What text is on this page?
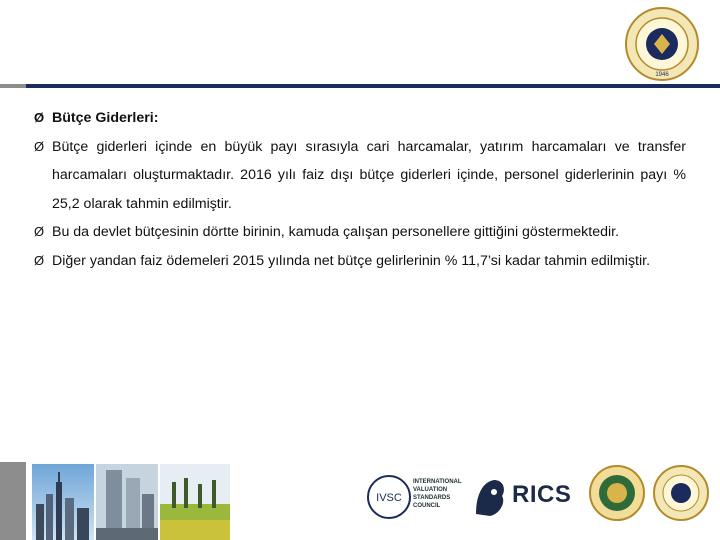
1946
Ø Bütçe Giderleri:
Ø Bütçe giderleri içinde en büyük payı sırasıyla cari harcamalar, yatırım harcamaları ve transfer harcamaları oluşturmaktadır. 2016 yılı faiz dışı bütçe giderleri içinde, personel giderlerinin payı % 25,2 olarak tahmin edilmiştir.
Ø Bu da devlet bütçesinin dörtte birinin, kamuda çalışan personellere gittiğini göstermektedir.
Ø Diğer yandan faiz ödemeleri 2015 yılında net bütçe gelirlerinin % 11,7’si kadar tahmin edilmiştir.
IVSC
INTERNATIONAL VALUATION STANDARDS COUNCIL	RICS
